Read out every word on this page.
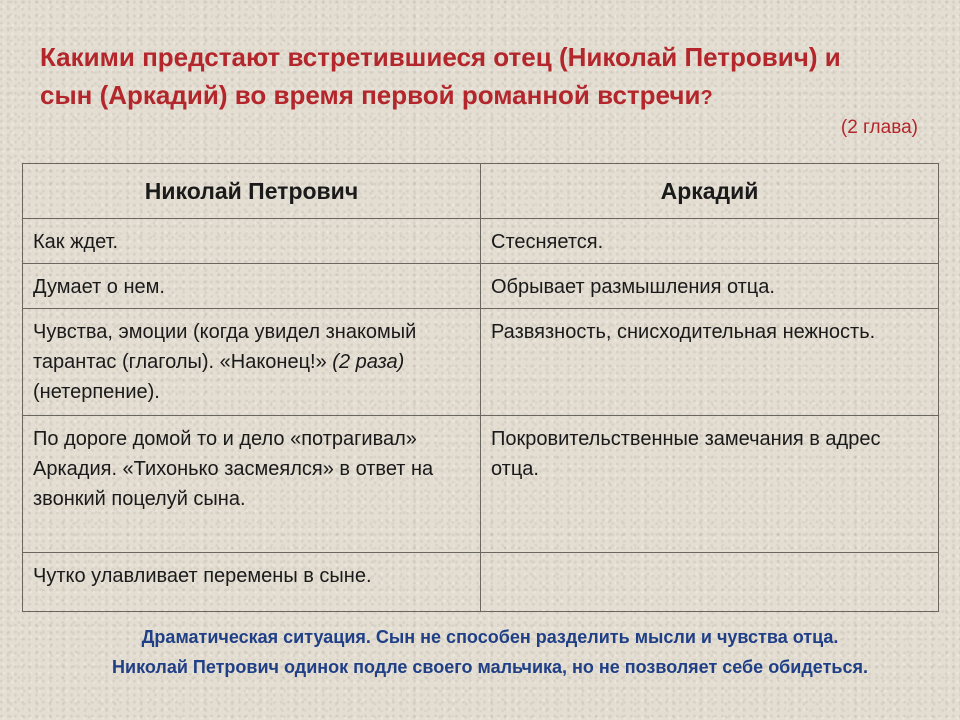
Какими предстают встретившиеся отец (Николай Петрович) и
сын (Аркадий) во время первой романной встречи?

(2 глава)

Николай Петрович	Аркадий
Как ждет.	Стесняется.
Думает о нем.	Обрывает размышления отца.
Чувства, эмоции (когда увидел знакомый тарантас (глаголы). «Наконец!» (2 раза) (нетерпение).	Развязность, снисходительная нежность.
По дороге домой то и дело «потрагивал» Аркадия. «Тихонько засмеялся» в ответ на звонкий поцелуй сына.	Покровительственные замечания в адрес отца.
Чутко улавливает перемены в сыне.	

Драматическая ситуация. Сын не способен разделить мысли и чувства отца.
Николай Петрович одинок подле своего мальчика, но не позволяет себе обидеться.
